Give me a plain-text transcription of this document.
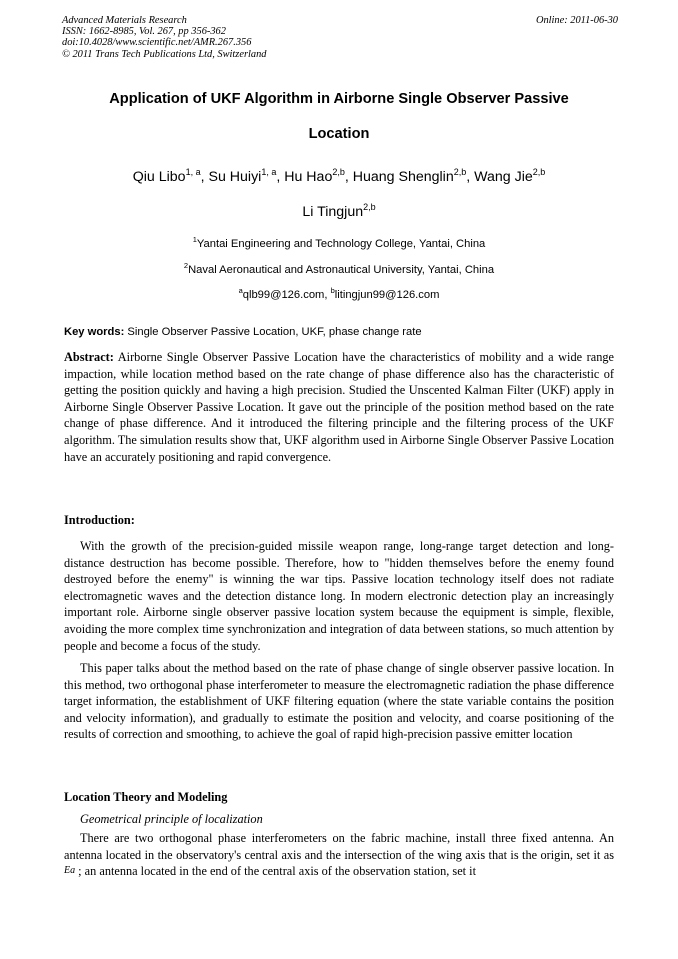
Advanced Materials Research
ISSN: 1662-8985, Vol. 267, pp 356-362
doi:10.4028/www.scientific.net/AMR.267.356
© 2011 Trans Tech Publications Ltd, Switzerland
Online: 2011-06-30
Application of UKF Algorithm in Airborne Single Observer Passive
Location
Qiu Libo$^{1, a}$, Su Huiyi$^{1, a}$, Hu Hao$^{2,b}$, Huang Shenglin$^{2,b}$, Wang Jie$^{2,b}$
Li Tingjun$^{2,b}$
$^1$Yantai Engineering and Technology College, Yantai, China
$^2$Naval Aeronautical and Astronautical University, Yantai, China
$^a$qlb99@126.com, $^b$litingjun99@126.com
Key words: Single Observer Passive Location, UKF, phase change rate
Abstract: Airborne Single Observer Passive Location have the characteristics of mobility and a wide range impaction, while location method based on the rate change of phase difference also has the characteristic of getting the position quickly and having a high precision. Studied the Unscented Kalman Filter (UKF) apply in Airborne Single Observer Passive Location. It gave out the principle of the position method based on the rate change of phase difference. And it introduced the filtering principle and the filtering process of the UKF algorithm. The simulation results show that, UKF algorithm used in Airborne Single Observer Passive Location have an accurately positioning and rapid convergence.
Introduction:
With the growth of the precision-guided missile weapon range, long-range target detection and long-distance destruction has become possible. Therefore, how to "hidden themselves before the enemy found destroyed before the enemy" is winning the war tips. Passive location technology itself does not radiate electromagnetic waves and the detection distance long. In modern electronic detection play an increasingly important role. Airborne single observer passive location system because the equipment is simple, flexible, avoiding the more complex time synchronization and integration of data between stations, so much attention by people and become a focus of the study.
This paper talks about the method based on the rate of phase change of single observer passive location. In this method, two orthogonal phase interferometer to measure the electromagnetic radiation the phase difference target information, the establishment of UKF filtering equation (where the state variable contains the position and velocity information), and gradually to estimate the position and velocity, and coarse positioning of the results of correction and smoothing, to achieve the goal of rapid high-precision passive emitter location
Location Theory and Modeling
Geometrical principle of localization
There are two orthogonal phase interferometers on the fabric machine, install three fixed antenna. An antenna located in the observatory's central axis and the intersection of the wing axis that is the origin, set it as Ea ; an antenna located in the end of the central axis of the observation station, set it
